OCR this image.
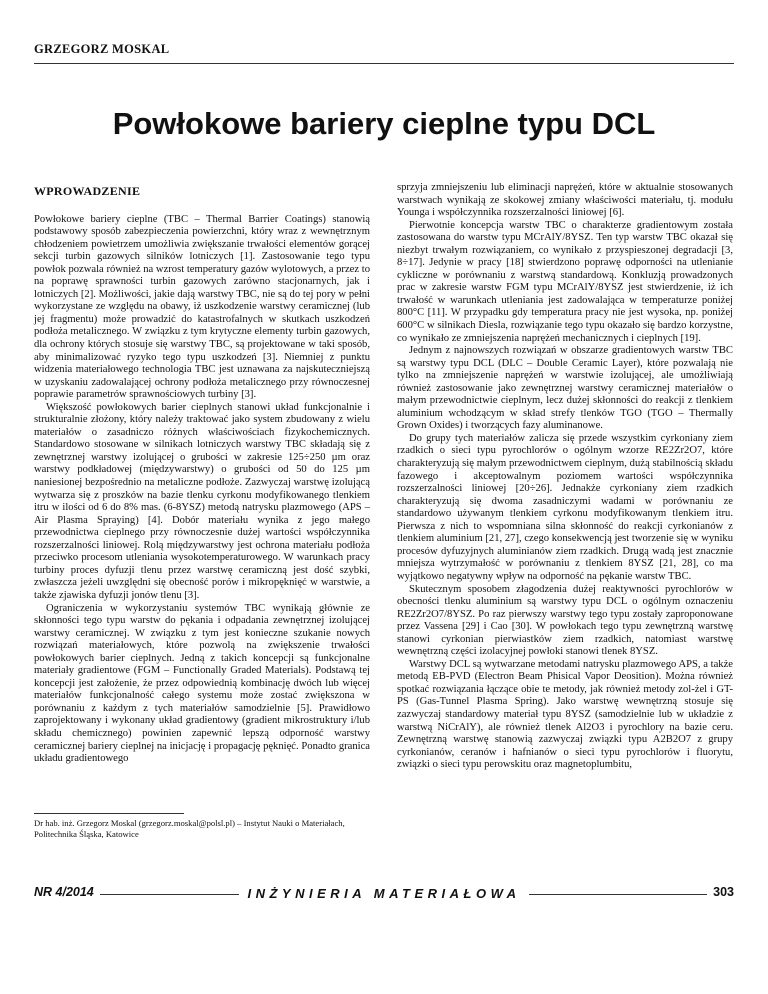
GRZEGORZ MOSKAL
Powłokowe bariery cieplne typu DCL
WPROWADZENIE

Powłokowe bariery cieplne (TBC – Thermal Barrier Coatings) stanowią podstawowy sposób zabezpieczenia powierzchni, który wraz z wewnętrznym chłodzeniem powietrzem umożliwia zwiększanie trwałości elementów gorącej sekcji turbin gazowych silników lotniczych [1]. Zastosowanie tego typu powłok pozwala również na wzrost temperatury gazów wylotowych, a przez to na poprawę sprawności turbin gazowych zarówno stacjonarnych, jak i lotniczych [2]. Możliwości, jakie dają warstwy TBC, nie są do tej pory w pełni wykorzystane ze względu na obawy, iż uszkodzenie warstwy ceramicznej (lub jej fragmentu) może prowadzić do katastrofalnych w skutkach uszkodzeń podłoża metalicznego. W związku z tym krytyczne elementy turbin gazowych, dla ochrony których stosuje się warstwy TBC, są projektowane w taki sposób, aby minimalizować ryzyko tego typu uszkodzeń [3]. Niemniej z punktu widzenia materiałowego technologia TBC jest uznawana za najskuteczniejszą w uzyskaniu zadowalającej ochrony podłoża metalicznego przy równoczesnej poprawie parametrów sprawnościowych turbiny [3].

Większość powłokowych barier cieplnych stanowi układ funkcjonalnie i strukturalnie złożony, który należy traktować jako system zbudowany z wielu materiałów o zasadniczo różnych właściwościach fizykochemicznych. Standardowo stosowane w silnikach lotniczych warstwy TBC składają się z zewnętrznej warstwy izolującej o grubości w zakresie 125÷250 µm oraz warstwy podkładowej (międzywarstwy) o grubości od 50 do 125 µm naniesionej bezpośrednio na metaliczne podłoże. Zazwyczaj warstwę izolującą wytwarza się z proszków na bazie tlenku cyrkonu modyfikowanego tlenkiem itru w ilości od 6 do 8% mas. (6-8YSZ) metodą natrysku plazmowego (APS – Air Plasma Spraying) [4]. Dobór materiału wynika z jego małego przewodnictwa cieplnego przy równoczesnie dużej wartości współczynnika rozszerzalności liniowej. Rolą międzywarstwy jest ochrona materiału podłoża przeciwko procesom utleniania wysokotemperaturowego. W warunkach pracy turbiny proces dyfuzji tlenu przez warstwę ceramiczną jest dość szybki, zwłaszcza jeżeli uwzględni się obecność porów i mikropęknięć w warstwie, a także zjawiska dyfuzji jonów tlenu [3].

Ograniczenia w wykorzystaniu systemów TBC wynikają głównie ze skłonności tego typu warstw do pękania i odpadania zewnętrznej izolującej warstwy ceramicznej. W związku z tym jest konieczne szukanie nowych rozwiązań materiałowych, które pozwolą na zwiększenie trwałości powłokowych barier cieplnych. Jedną z takich koncepcji są funkcjonalne materiały gradientowe (FGM – Functionally Graded Materials). Podstawą tej koncepcji jest założenie, że przez odpowiednią kombinację dwóch lub więcej materiałów funkcjonalność całego systemu może zostać zwiększona w porównaniu z każdym z tych materiałów samodzielnie [5]. Prawidłowo zaprojektowany i wykonany układ gradientowy (gradient mikrostruktury i/lub składu chemicznego) powinien zapewnić lepszą odporność warstwy ceramicznej bariery cieplnej na inicjację i propagację pęknięć. Ponadto granica układu gradientowego

Dr hab. inż. Grzegorz Moskal (grzegorz.moskal@polsl.pl) – Instytut Nauki o Materiałach, Politechnika Śląska, Katowice

sprzyja zmniejszeniu lub eliminacji naprężeń, które w aktualnie stosowanych warstwach wynikają ze skokowej zmiany właściwości materiału, tj. modułu Younga i współczynnika rozszerzalności liniowej [6].

Pierwotnie koncepcja warstw TBC o charakterze gradientowym została zastosowana do warstw typu MCrAlY/8YSZ. Ten typ warstw TBC okazał się niezbyt trwałym rozwiązaniem, co wynikało z przyspieszonej degradacji [3, 8÷17]. Jedynie w pracy [18] stwierdzono poprawę odporności na utlenianie cykliczne w porównaniu z warstwą standardową. Konkluzją prowadzonych prac w zakresie warstw FGM typu MCrAlY/8YSZ jest stwierdzenie, iż ich trwałość w warunkach utleniania jest zadowalająca w temperaturze poniżej 800°C [11]. W przypadku gdy temperatura pracy nie jest wysoka, np. poniżej 600°C w silnikach Diesla, rozwiązanie tego typu okazało się bardzo korzystne, co wynikało ze zmniejszenia naprężeń mechanicznych i cieplnych [19].

Jednym z najnowszych rozwiązań w obszarze gradientowych warstw TBC są warstwy typu DCL (DLC – Double Ceramic Layer), które pozwalają nie tylko na zmniejszenie naprężeń w warstwie izolującej, ale umożliwiają również zastosowanie jako zewnętrznej warstwy ceramicznej materiałów o małym przewodnictwie cieplnym, lecz dużej skłonności do reakcji z tlenkiem aluminium wchodzącym w skład strefy tlenków TGO (TGO – Thermally Grown Oxides) i tworzących fazy aluminanowe.

Do grupy tych materiałów zalicza się przede wszystkim cyrkoniany ziem rzadkich o sieci typu pyrochlorów o ogólnym wzorze RE2Zr2O7, które charakteryzują się małym przewodnictwem cieplnym, dużą stabilnością składu fazowego i akceptowalnym poziomem wartości współczynnika rozszerzalności liniowej [20÷26]. Jednakże cyrkoniany ziem rzadkich charakteryzują się dwoma zasadniczymi wadami w porównaniu ze standardowo używanym tlenkiem cyrkonu modyfikowanym tlenkiem itru. Pierwsza z nich to wspomniana silna skłonność do reakcji cyrkonianów z tlenkiem aluminium [21, 27], czego konsekwencją jest tworzenie się w wyniku procesów dyfuzyjnych aluminianów ziem rzadkich. Drugą wadą jest znacznie mniejsza wytrzymałość w porównaniu z tlenkiem 8YSZ [21, 28], co ma wyjątkowo negatywny wpływ na odporność na pękanie warstw TBC.

Skutecznym sposobem złagodzenia dużej reaktywności pyrochlorów w obecności tlenku aluminium są warstwy typu DCL o ogólnym oznaczeniu RE2Zr2O7/8YSZ. Po raz pierwszy warstwy tego typu zostały zaproponowane przez Vassena [29] i Cao [30]. W powłokach tego typu zewnętrzną warstwę stanowi cyrkonian pierwiastków ziem rzadkich, natomiast warstwę wewnętrzną części izolacyjnej powłoki stanowi tlenek 8YSZ.

Warstwy DCL są wytwarzane metodami natrysku plazmowego APS, a także metodą EB-PVD (Electron Beam Phisical Vapor Deosition). Można również spotkać rozwiązania łączące obie te metody, jak również metody zol-żel i GT-PS (Gas-Tunnel Plasma Spring). Jako warstwę wewnętrzną stosuje się zazwyczaj standardowy materiał typu 8YSZ (samodzielnie lub w układzie z warstwą NiCrAlY), ale również tlenek Al2O3 i pyrochlory na bazie ceru. Zewnętrzną warstwę stanowią zazwyczaj związki typu A2B2O7 z grupy cyrkonianów, ceranów i hafnianów o sieci typu pyrochlorów i fluorytu, związki o sieci typu perowskitu oraz magnetoplumbitu,

NR 4/2014	INŻYNIERIA MATERIAŁOWA	303
